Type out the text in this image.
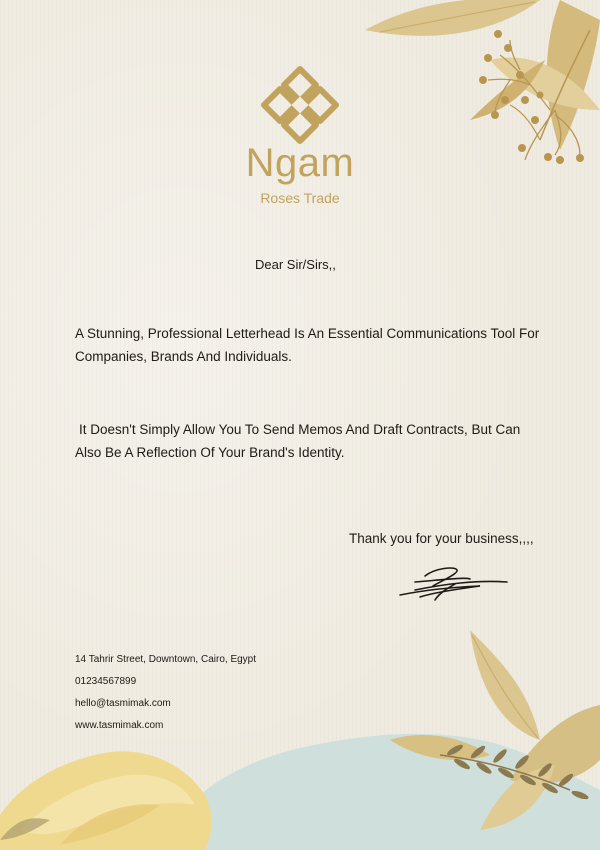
Ngam
Roses Trade
Dear Sir/Sirs,,
A Stunning, Professional Letterhead Is An Essential Communications Tool For Companies, Brands And Individuals.
It Doesn't Simply Allow You To Send Memos And Draft Contracts, But Can Also Be A Reflection Of Your Brand's Identity.
Thank you for your business,,,,
14 Tahrir Street, Downtown, Cairo, Egypt
01234567899
hello@tasmimak.com
www.tasmimak.com
